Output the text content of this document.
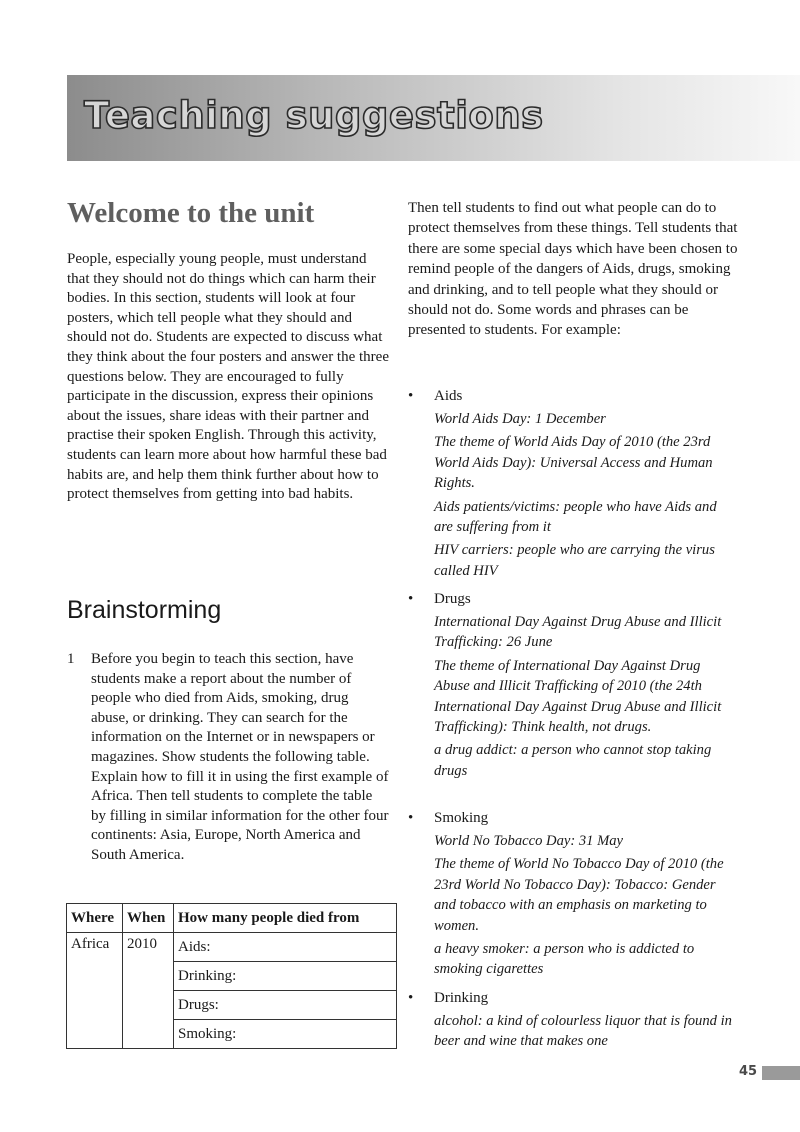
Teaching suggestions
Welcome to the unit

People, especially young people, must understand that they should not do things which can harm their bodies. In this section, students will look at four posters, which tell people what they should and should not do. Students are expected to discuss what they think about the four posters and answer the three questions below. They are encouraged to fully participate in the discussion, express their opinions about the issues, share ideas with their partner and practise their spoken English. Through this activity, students can learn more about how harmful these bad habits are, and help them think further about how to protect themselves from getting into bad habits.

Brainstorming
1 Before you begin to teach this section, have students make a report about the number of people who died from Aids, smoking, drug abuse, or drinking. They can search for the information on the Internet or in newspapers or magazines. Show students the following table. Explain how to fill it in using the first example of Africa. Then tell students to complete the table by filling in similar information for the other four continents: Asia, Europe, North America and South America.

Where	When	How many people died from
Africa	2010	Aids:
		Drinking:
		Drugs:
		Smoking:

Then tell students to find out what people can do to protect themselves from these things. Tell students that there are some special days which have been chosen to remind people of the dangers of Aids, drugs, smoking and drinking, and to tell people what they should or should not do. Some words and phrases can be presented to students. For example:

• Aids

World Aids Day: 1 December

The theme of World Aids Day of 2010 (the 23rd World Aids Day): Universal Access and Human Rights.

Aids patients/victims: people who have Aids and are suffering from it

HIV carriers: people who are carrying the virus called HIV

• Drugs

International Day Against Drug Abuse and Illicit Trafficking: 26 June

The theme of International Day Against Drug Abuse and Illicit Trafficking of 2010 (the 24th International Day Against Drug Abuse and Illicit Trafficking): Think health, not drugs.

a drug addict: a person who cannot stop taking drugs

• Smoking

World No Tobacco Day: 31 May

The theme of World No Tobacco Day of 2010 (the 23rd World No Tobacco Day): Tobacco: Gender and tobacco with an emphasis on marketing to women.

a heavy smoker: a person who is addicted to smoking cigarettes

• Drinking

alcohol: a kind of colourless liquor that is found in beer and wine that makes one

45
